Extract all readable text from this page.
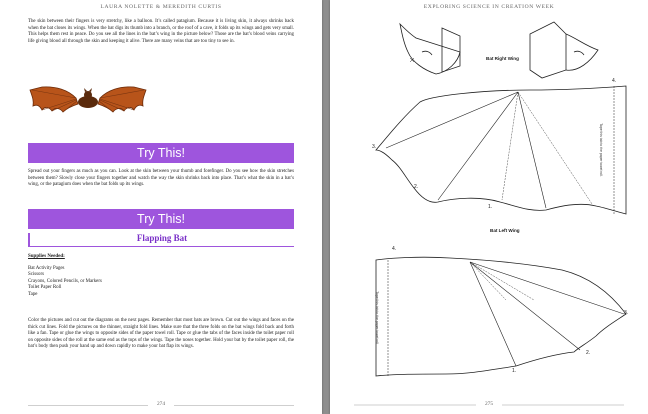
LAURA NOLETTE & MEREDITH CURTIS

The skin between their fingers is very stretchy, like a balloon. It’s called patagium. Because it is living skin, it always shrinks back when the bat closes its wings. When the bat digs its thumb into a branch, or the roof of a cave, it folds up its wings and gets very small. This helps them rest in peace. Do you see all the lines in the bat’s wing in the picture below? Those are the bat’s blood veins carrying life giving blood all through the skin and keeping it alive. There are many veins that are too tiny to see in.

Try This!

Spread out your fingers as much as you can. Look at the skin between your thumb and forefinger. Do you see how the skin stretches between them? Slowly close your fingers together and watch the way the skin shrinks back into place. That’s what the skin in a bat’s wing, or the patagium does when the bat folds up its wings.

Try This!
Flapping Bat
Supplies Needed:
Bat Activity Pages
Scissors
Crayons, Colored Pencils, or Markers
Toilet Paper Roll
Tape

Color the pictures and cut out the diagrams on the next pages. Remember that most bats are brown. Cut out the wings and faces on the thick cut lines. Fold the pictures on the thinner, straight fold lines. Make sure that the three folds on the bat wings fold back and forth like a fan. Tape or glue the wings to opposite sides of the paper towel roll. Tape or glue the tabs of the faces inside the toilet paper roll on opposite sides of the roll at the same end as the tops of the wings. Tape the noses together. Hold your bat by the toilet paper roll, the bat’s body then push your hand up and down rapidly to make your bat flap its wings.

274
EXPLORING SCIENCE IN CREATION WEEK
Bat Right Wing
Bat Left Wing
4.
3.
2.
1.
4.
3.
2.
1.
Tape this tab to the paper towel roll.
Tape this tab to the paper towel roll.
275
